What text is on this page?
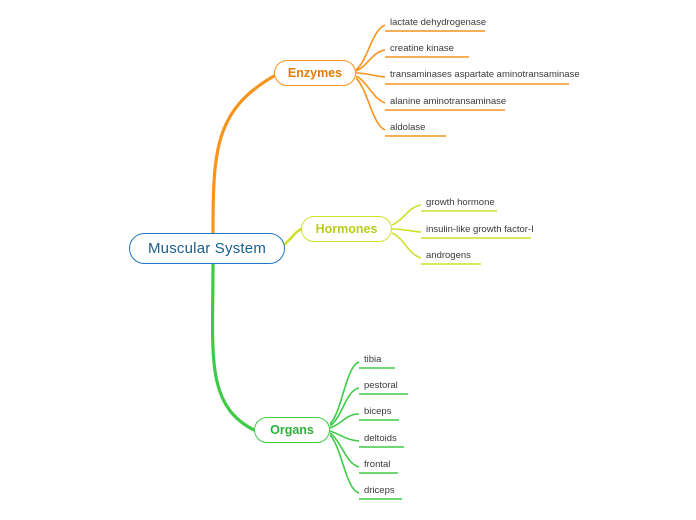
Muscular System
Enzymes
lactate dehydrogenase
creatine kinase
transaminases aspartate aminotransaminase
alanine aminotransaminase
aldolase
Hormones
growth hormone
insulin-like growth factor-I
androgens
Organs
tibia
pestoral
biceps
deltoids
frontal
driceps
